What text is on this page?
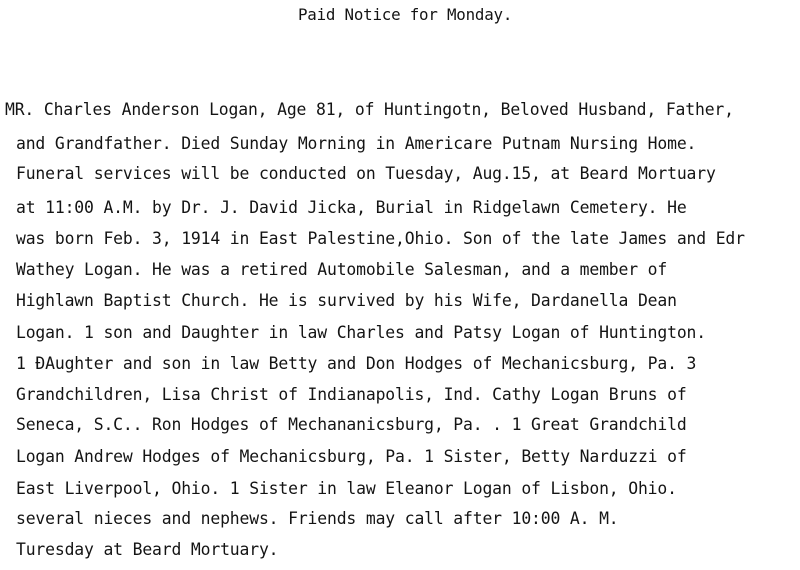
Paid Notice for Monday.
MR. Charles Anderson Logan, Age 81, of Huntingotn, Beloved Husband, Father,
and Grandfather. Died Sunday Morning in Americare Putnam Nursing Home.
Funeral services will be conducted on Tuesday, Aug.15, at Beard Mortuary
at 11:00 A.M. by Dr. J. David Jicka, Burial in Ridgelawn Cemetery. He
was born Feb. 3, 1914 in East Palestine,Ohio. Son of the late James and Edr
Wathey Logan. He was a retired Automobile Salesman, and a member of
Highlawn Baptist Church. He is survived by his Wife, Dardanella Dean
Logan. 1 son and Daughter in law Charles and Patsy Logan of Huntington.
1 ÐAughter and son in law Betty and Don Hodges of Mechanicsburg, Pa. 3
Grandchildren, Lisa Christ of Indianapolis, Ind. Cathy Logan Bruns of
Seneca, S.C.. Ron Hodges of Mechananicsburg, Pa. . 1 Great Grandchild
Logan Andrew Hodges of Mechanicsburg, Pa. 1 Sister, Betty Narduzzi of
East Liverpool, Ohio. 1 Sister in law Eleanor Logan of Lisbon, Ohio.
several nieces and nephews. Friends may call after 10:00 A. M.
Turesday at Beard Mortuary.
